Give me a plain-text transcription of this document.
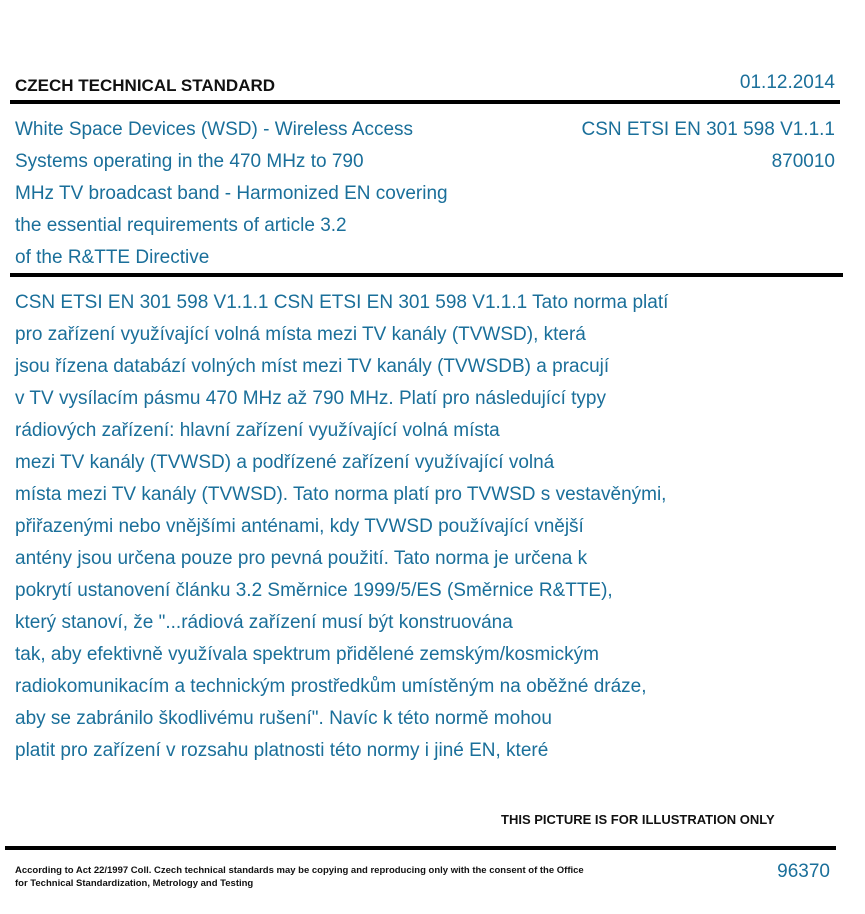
CZECH TECHNICAL STANDARD	01.12.2014
White Space Devices (WSD) - Wireless Access
Systems operating in the 470 MHz to 790
MHz TV broadcast band - Harmonized EN covering
the essential requirements of article 3.2
of the R&TTE Directive
CSN ETSI EN 301 598 V1.1.1
870010
CSN ETSI EN 301 598 V1.1.1 CSN ETSI EN 301 598 V1.1.1 Tato norma platí
pro zařízení využívající volná místa mezi TV kanály (TVWSD), která
jsou řízena databází volných míst mezi TV kanály (TVWSDB) a pracují
v TV vysílacím pásmu 470 MHz až 790 MHz. Platí pro následující typy
rádiových zařízení: hlavní zařízení využívající volná místa
mezi TV kanály (TVWSD) a podřízené zařízení využívající volná
místa mezi TV kanály (TVWSD). Tato norma platí pro TVWSD s vestavěnými,
přiřazenými nebo vnějšími anténami, kdy TVWSD používající vnější
antény jsou určena pouze pro pevná použití. Tato norma je určena k
pokrytí ustanovení článku 3.2 Směrnice 1999/5/ES (Směrnice R&TTE),
který stanoví, že "...rádiová zařízení musí být konstruována
tak, aby efektivně využívala spektrum přidělené zemským/kosmickým
radiokomunikacím a technickým prostředkům umístěným na oběžné dráze,
aby se zabránilo škodlivému rušení". Navíc k této normě mohou
platit pro zařízení v rozsahu platnosti této normy i jiné EN, které
THIS PICTURE IS FOR ILLUSTRATION ONLY
According to Act 22/1997 Coll. Czech technical standards may be copying and reproducing only with the consent of the Office
for Technical Standardization, Metrology and Testing
96370
